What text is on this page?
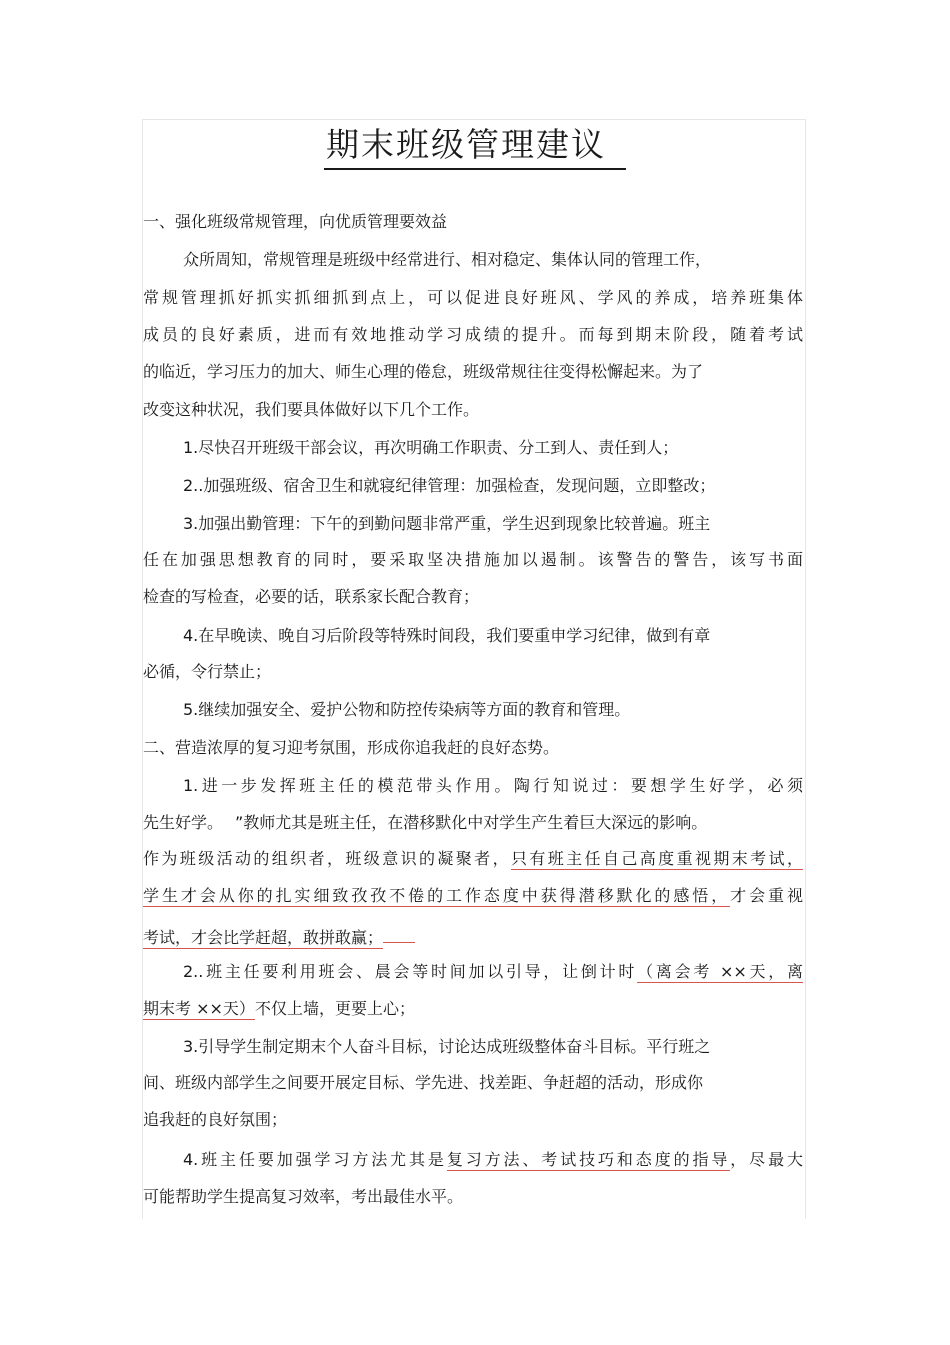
期末班级管理建议
一、强化班级常规管理，向优质管理要效益
众所周知，常规管理是班级中经常进行、相对稳定、集体认同的管理工作，
常规管理抓好抓实抓细抓到点上，可以促进良好班风、学风的养成，培养班集体
成员的良好素质，进而有效地推动学习成绩的提升。而每到期末阶段，随着考试
的临近，学习压力的加大、师生心理的倦怠，班级常规往往变得松懈起来。为了
改变这种状况，我们要具体做好以下几个工作。
1.尽快召开班级干部会议，再次明确工作职责、分工到人、责任到人；
2..加强班级、宿舍卫生和就寝纪律管理：加强检查，发现问题，立即整改；
3.加强出勤管理：下午的到勤问题非常严重，学生迟到现象比较普遍。班主
任在加强思想教育的同时，要采取坚决措施加以遏制。该警告的警告，该写书面
检查的写检查，必要的话，联系家长配合教育；
4.在早晚读、晚自习后阶段等特殊时间段，我们要重申学习纪律，做到有章
必循，令行禁止；
5.继续加强安全、爱护公物和防控传染病等方面的教育和管理。
二、营造浓厚的复习迎考氛围，形成你追我赶的良好态势。
1.进一步发挥班主任的模范带头作用。陶行知说过：要想学生好学，必须
先生好学。 ”教师尤其是班主任，在潜移默化中对学生产生着巨大深远的影响。
作为班级活动的组织者，班级意识的凝聚者，只有班主任自己高度重视期末考试，
学生才会从你的扎实细致孜孜不倦的工作态度中获得潜移默化的感悟，才会重视
考试，才会比学赶超，敢拼敢赢；
2..班主任要利用班会、晨会等时间加以引导，让倒计时（离会考 ××天，离
期末考 ××天）不仅上墙，更要上心；
3.引导学生制定期末个人奋斗目标，讨论达成班级整体奋斗目标。平行班之
间、班级内部学生之间要开展定目标、学先进、找差距、争赶超的活动，形成你
追我赶的良好氛围；
4.班主任要加强学习方法尤其是复习方法、考试技巧和态度的指导，尽最大
可能帮助学生提高复习效率，考出最佳水平。
